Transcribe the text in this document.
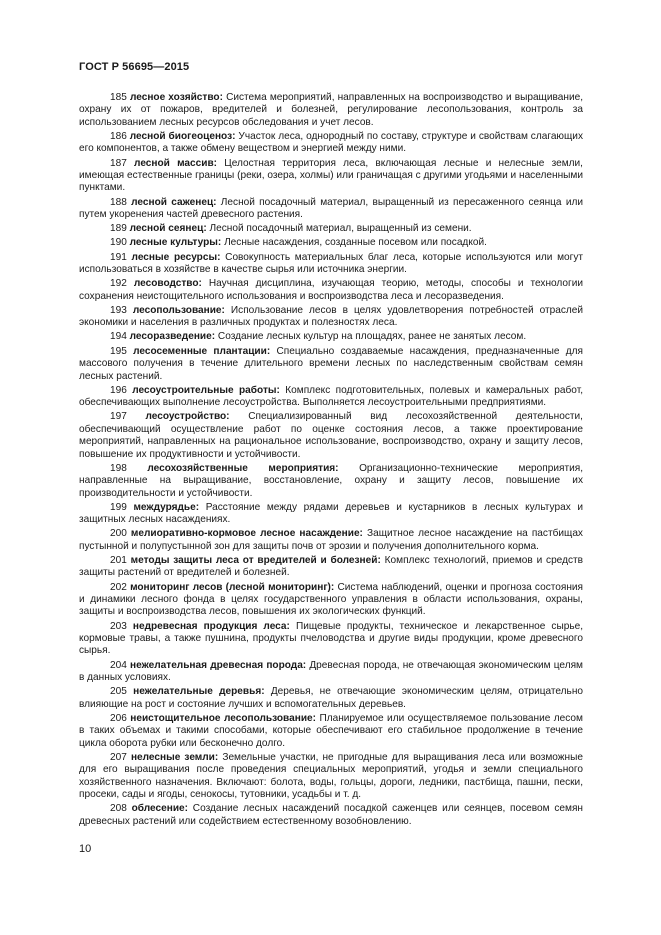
ГОСТ Р 56695—2015

185 лесное хозяйство: Система мероприятий, направленных на воспроизводство и выращивание, охрану их от пожаров, вредителей и болезней, регулирование лесопользования, контроль за использованием лесных ресурсов обследования и учет лесов.

186 лесной биогеоценоз: Участок леса, однородный по составу, структуре и свойствам слагающих его компонентов, а также обмену веществом и энергией между ними.

187 лесной массив: Целостная территория леса, включающая лесные и нелесные земли, имеющая естественные границы (реки, озера, холмы) или граничащая с другими угодьями и населенными пунктами.

188 лесной саженец: Лесной посадочный материал, выращенный из пересаженного сеянца или путем укоренения частей древесного растения.

189 лесной сеянец: Лесной посадочный материал, выращенный из семени.

190 лесные культуры: Лесные насаждения, созданные посевом или посадкой.

191 лесные ресурсы: Совокупность материальных благ леса, которые используются или могут использоваться в хозяйстве в качестве сырья или источника энергии.

192 лесоводство: Научная дисциплина, изучающая теорию, методы, способы и технологии сохранения неистощительного использования и воспроизводства леса и лесоразведения.

193 лесопользование: Использование лесов в целях удовлетворения потребностей отраслей экономики и населения в различных продуктах и полезностях леса.

194 лесоразведение: Создание лесных культур на площадях, ранее не занятых лесом.

195 лесосеменные плантации: Специально создаваемые насаждения, предназначенные для массового получения в течение длительного времени лесных по наследственным свойствам семян лесных растений.

196 лесоустроительные работы: Комплекс подготовительных, полевых и камеральных работ, обеспечивающих выполнение лесоустройства. Выполняется лесоустроительными предприятиями.

197 лесоустройство: Специализированный вид лесохозяйственной деятельности, обеспечивающий осуществление работ по оценке состояния лесов, а также проектирование мероприятий, направленных на рациональное использование, воспроизводство, охрану и защиту лесов, повышение их продуктивности и устойчивости.

198 лесохозяйственные мероприятия: Организационно-технические мероприятия, направленные на выращивание, восстановление, охрану и защиту лесов, повышение их производительности и устойчивости.

199 междурядье: Расстояние между рядами деревьев и кустарников в лесных культурах и защитных лесных насаждениях.

200 мелиоративно-кормовое лесное насаждение: Защитное лесное насаждение на пастбищах пустынной и полупустынной зон для защиты почв от эрозии и получения дополнительного корма.

201 методы защиты леса от вредителей и болезней: Комплекс технологий, приемов и средств защиты растений от вредителей и болезней.

202 мониторинг лесов (лесной мониторинг): Система наблюдений, оценки и прогноза состояния и динамики лесного фонда в целях государственного управления в области использования, охраны, защиты и воспроизводства лесов, повышения их экологических функций.

203 недревесная продукция леса: Пищевые продукты, техническое и лекарственное сырье, кормовые травы, а также пушнина, продукты пчеловодства и другие виды продукции, кроме древесного сырья.

204 нежелательная древесная порода: Древесная порода, не отвечающая экономическим целям в данных условиях.

205 нежелательные деревья: Деревья, не отвечающие экономическим целям, отрицательно влияющие на рост и состояние лучших и вспомогательных деревьев.

206 неистощительное лесопользование: Планируемое или осуществляемое пользование лесом в таких объемах и такими способами, которые обеспечивают его стабильное продолжение в течение цикла оборота рубки или бесконечно долго.

207 нелесные земли: Земельные участки, не пригодные для выращивания леса или возможные для его выращивания после проведения специальных мероприятий, угодья и земли специального хозяйственного назначения. Включают: болота, воды, гольцы, дороги, ледники, пастбища, пашни, пески, просеки, сады и ягоды, сенокосы, тутовники, усадьбы и т. д.

208 облесение: Создание лесных насаждений посадкой саженцев или сеянцев, посевом семян древесных растений или содействием естественному возобновлению.

10
